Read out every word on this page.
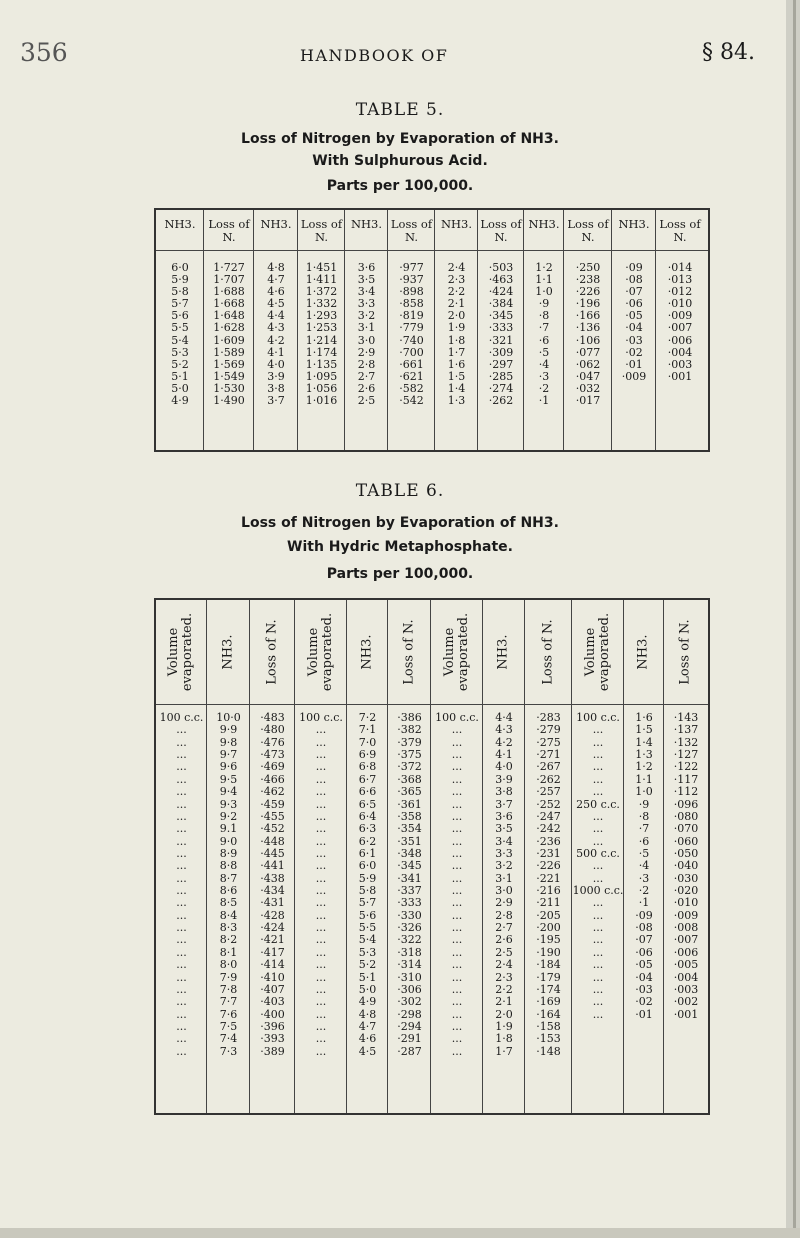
356	HANDBOOK OF	§ 84.
TABLE 5.
Loss of Nitrogen by Evaporation of NH3.
With Sulphurous Acid.
Parts per 100,000.
NH3.
6·0
5·9
5·8
5·7
5·6
5·5
5·4
5·3
5·2
5·1
5·0
4·9
Loss of N.
1·727
1·707
1·688
1·668
1·648
1·628
1·609
1·589
1·569
1·549
1·530
1·490
NH3.
4·8
4·7
4·6
4·5
4·4
4·3
4·2
4·1
4·0
3·9
3·8
3·7
Loss of N.
1·451
1·411
1·372
1·332
1·293
1·253
1·214
1·174
1·135
1·095
1·056
1·016
NH3.
3·6
3·5
3·4
3·3
3·2
3·1
3·0
2·9
2·8
2·7
2·6
2·5
Loss of N.
·977
·937
·898
·858
·819
·779
·740
·700
·661
·621
·582
·542
NH3.
2·4
2·3
2·2
2·1
2·0
1·9
1·8
1·7
1·6
1·5
1·4
1·3
Loss of N.
·503
·463
·424
·384
·345
·333
·321
·309
·297
·285
·274
·262
NH3.
1·2
1·1
1·0
·9
·8
·7
·6
·5
·4
·3
·2
·1
Loss of N.
·250
·238
·226
·196
·166
·136
·106
·077
·062
·047
·032
·017
NH3.
·09
·08
·07
·06
·05
·04
·03
·02
·01
·009
Loss of N.
·014
·013
·012
·010
·009
·007
·006
·004
·003
·001
TABLE 6.
Loss of Nitrogen by Evaporation of NH3.
With Hydric Metaphosphate.
Parts per 100,000.
Volume
evaporated.
100 c.c.
...
...
...
...
...
...
...
...
...
...
...
...
...
...
...
...
...
...
...
...
...
...
...
...
...
...
...
NH3.
10·0
9·9
9·8
9·7
9·6
9·5
9·4
9·3
9·2
9.1
9·0
8·9
8·8
8·7
8·6
8·5
8·4
8·3
8·2
8·1
8·0
7·9
7·8
7·7
7·6
7·5
7·4
7·3
Loss of N.
·483
·480
·476
·473
·469
·466
·462
·459
·455
·452
·448
·445
·441
·438
·434
·431
·428
·424
·421
·417
·414
·410
·407
·403
·400
·396
·393
·389
Volume
evaporated.
100 c.c.
...
...
...
...
...
...
...
...
...
...
...
...
...
...
...
...
...
...
...
...
...
...
...
...
...
...
...
NH3.
7·2
7·1
7·0
6·9
6·8
6·7
6·6
6·5
6·4
6·3
6·2
6·1
6·0
5·9
5·8
5·7
5·6
5·5
5·4
5·3
5·2
5·1
5·0
4·9
4·8
4·7
4·6
4·5
Loss of N.
·386
·382
·379
·375
·372
·368
·365
·361
·358
·354
·351
·348
·345
·341
·337
·333
·330
·326
·322
·318
·314
·310
·306
·302
·298
·294
·291
·287
Volume
evaporated.
100 c.c.
...
...
...
...
...
...
...
...
...
...
...
...
...
...
...
...
...
...
...
...
...
...
...
...
...
...
...
NH3.
4·4
4·3
4·2
4·1
4·0
3·9
3·8
3·7
3·6
3·5
3·4
3·3
3·2
3·1
3·0
2·9
2·8
2·7
2·6
2·5
2·4
2·3
2·2
2·1
2·0
1·9
1·8
1·7
Loss of N.
·283
·279
·275
·271
·267
·262
·257
·252
·247
·242
·236
·231
·226
·221
·216
·211
·205
·200
·195
·190
·184
·179
·174
·169
·164
·158
·153
·148
Volume
evaporated.
100 c.c.
...
...
...
...
...
...
250 c.c.
...
...
...
500 c.c.
...
...
1000 c.c.
...
...
...
...
...
...
...
...
...
...
NH3.
1·6
1·5
1·4
1·3
1·2
1·1
1·0
·9
·8
·7
·6
·5
·4
·3
·2
·1
·09
·08
·07
·06
·05
·04
·03
·02
·01
Loss of N.
·143
·137
·132
·127
·122
·117
·112
·096
·080
·070
·060
·050
·040
·030
·020
·010
·009
·008
·007
·006
·005
·004
·003
·002
·001
